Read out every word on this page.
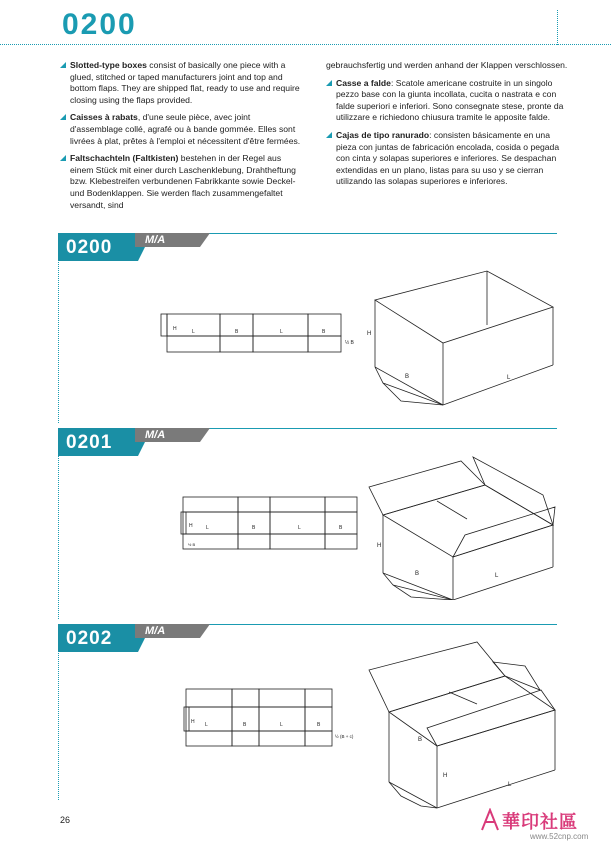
0200

Slotted-type boxes consist of basically one piece with a glued, stitched or taped manufacturers joint and top and bottom flaps. They are shipped flat, ready to use and require closing using the flaps provided.

Caisses à rabats, d'une seule pièce, avec joint d'assemblage collé, agrafé ou à bande gommée. Elles sont livrées à plat, prêtes à l'emploi et nécessitent d'être fermées.

Faltschachteln (Faltkisten) bestehen in der Regel aus einem Stück mit einer durch Laschenklebung, Drahtheftung bzw. Klebestreifen verbundenen Fabrikkante sowie Deckel- und Bodenklappen. Sie werden flach zusammengefaltet versandt, sind

gebrauchsfertig und werden anhand der Klappen verschlossen.

Casse a falde: Scatole americane costruite in un singolo pezzo base con la giunta incollata, cucita o nastrata e con falde superiori e inferiori. Sono consegnate stese, pronte da utilizzare e richiedono chiusura tramite le apposite falde.

Cajas de tipo ranurado: consisten básicamente en una pieza con juntas de fabricación encolada, cosida o pegada con cinta y solapas superiores e inferiores. Se despachan extendidas en un plano, listas para su uso y se cierran utilizando las solapas superiores e inferiores.

0200	M/A
H	L	B	L	B
½ B
H
B	L
0201	M/A
H	L	B	L	B
½ B	H
B	L
0202	M/A
H L	B	L	B
½ (B + c)
B
H
L
26	華印社區
www.52cnp.com
